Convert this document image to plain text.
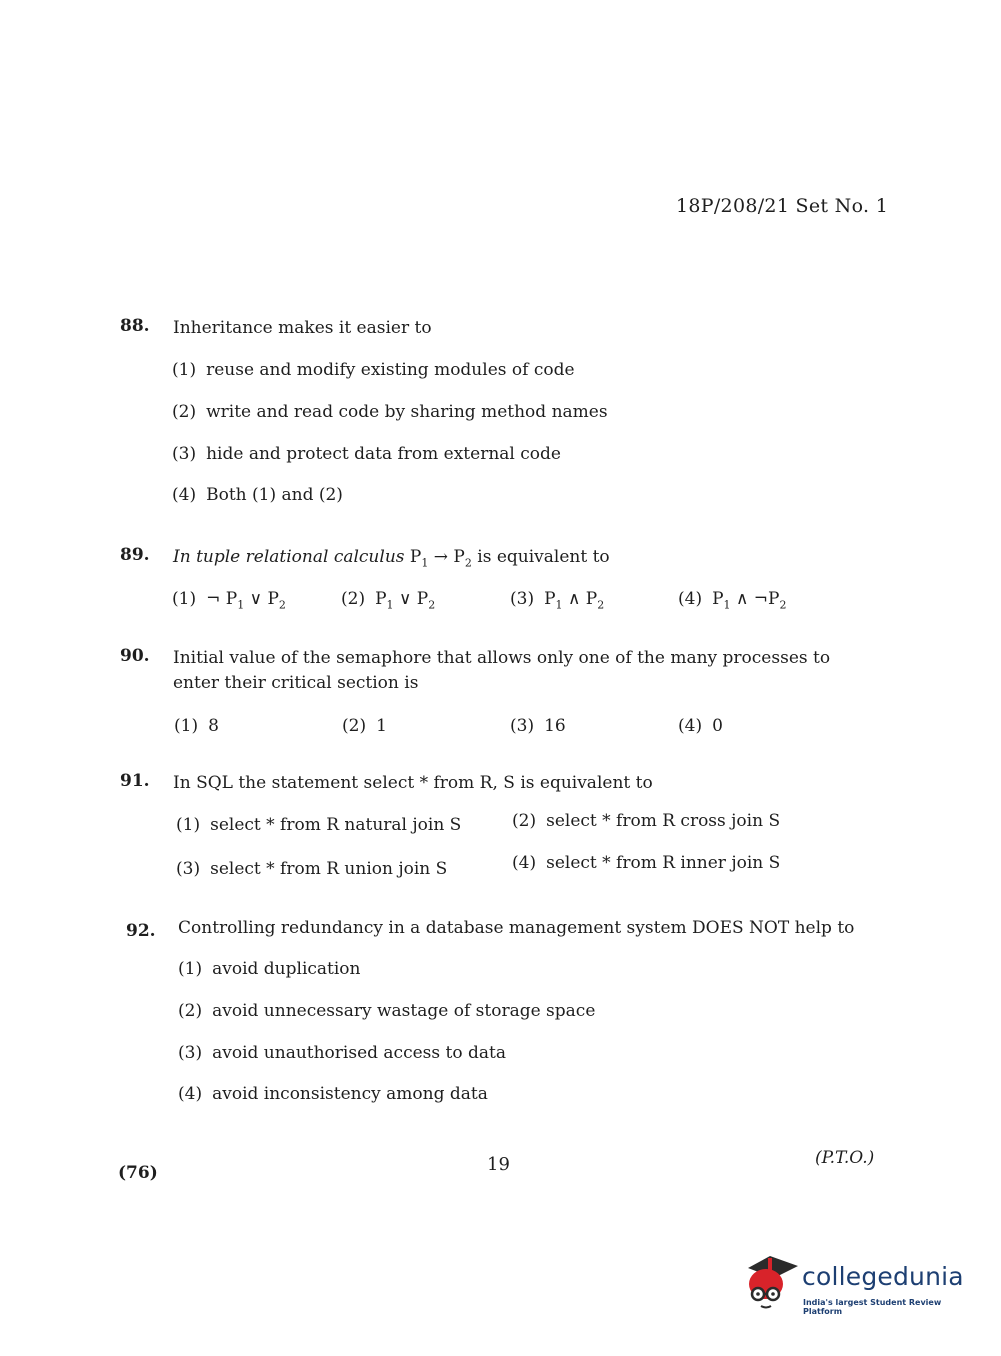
18P/208/21 Set No. 1
88. Inheritance makes it easier to
(1) reuse and modify existing modules of code
(2) write and read code by sharing method names
(3) hide and protect data from external code
(4) Both (1) and (2)
89. In tuple relational calculus $P_1 \to P_2$ is equivalent to
(1) ¬ $P_1$ ∨ $P_2$	(2) $P_1$ ∨ $P_2$	(3) $P_1$ ∧ $P_2$	(4) $P_1$ ∧ $\neg P_2$
90. Initial value of the semaphore that allows only one of the many processes to enter their critical section is
(1) 8	(2) 1	(3) 16	(4) 0
91. In SQL the statement select * from R, S is equivalent to
(1) select * from R natural join S	(2) select * from R cross join S
(3) select * from R union join S	(4) select * from R inner join S
92. Controlling redundancy in a database management system DOES NOT help to
(1) avoid duplication
(2) avoid unnecessary wastage of storage space
(3) avoid unauthorised access to data
(4) avoid inconsistency among data
(76)	19	(P.T.O.)
collegedunia
India's largest Student Review Platform
